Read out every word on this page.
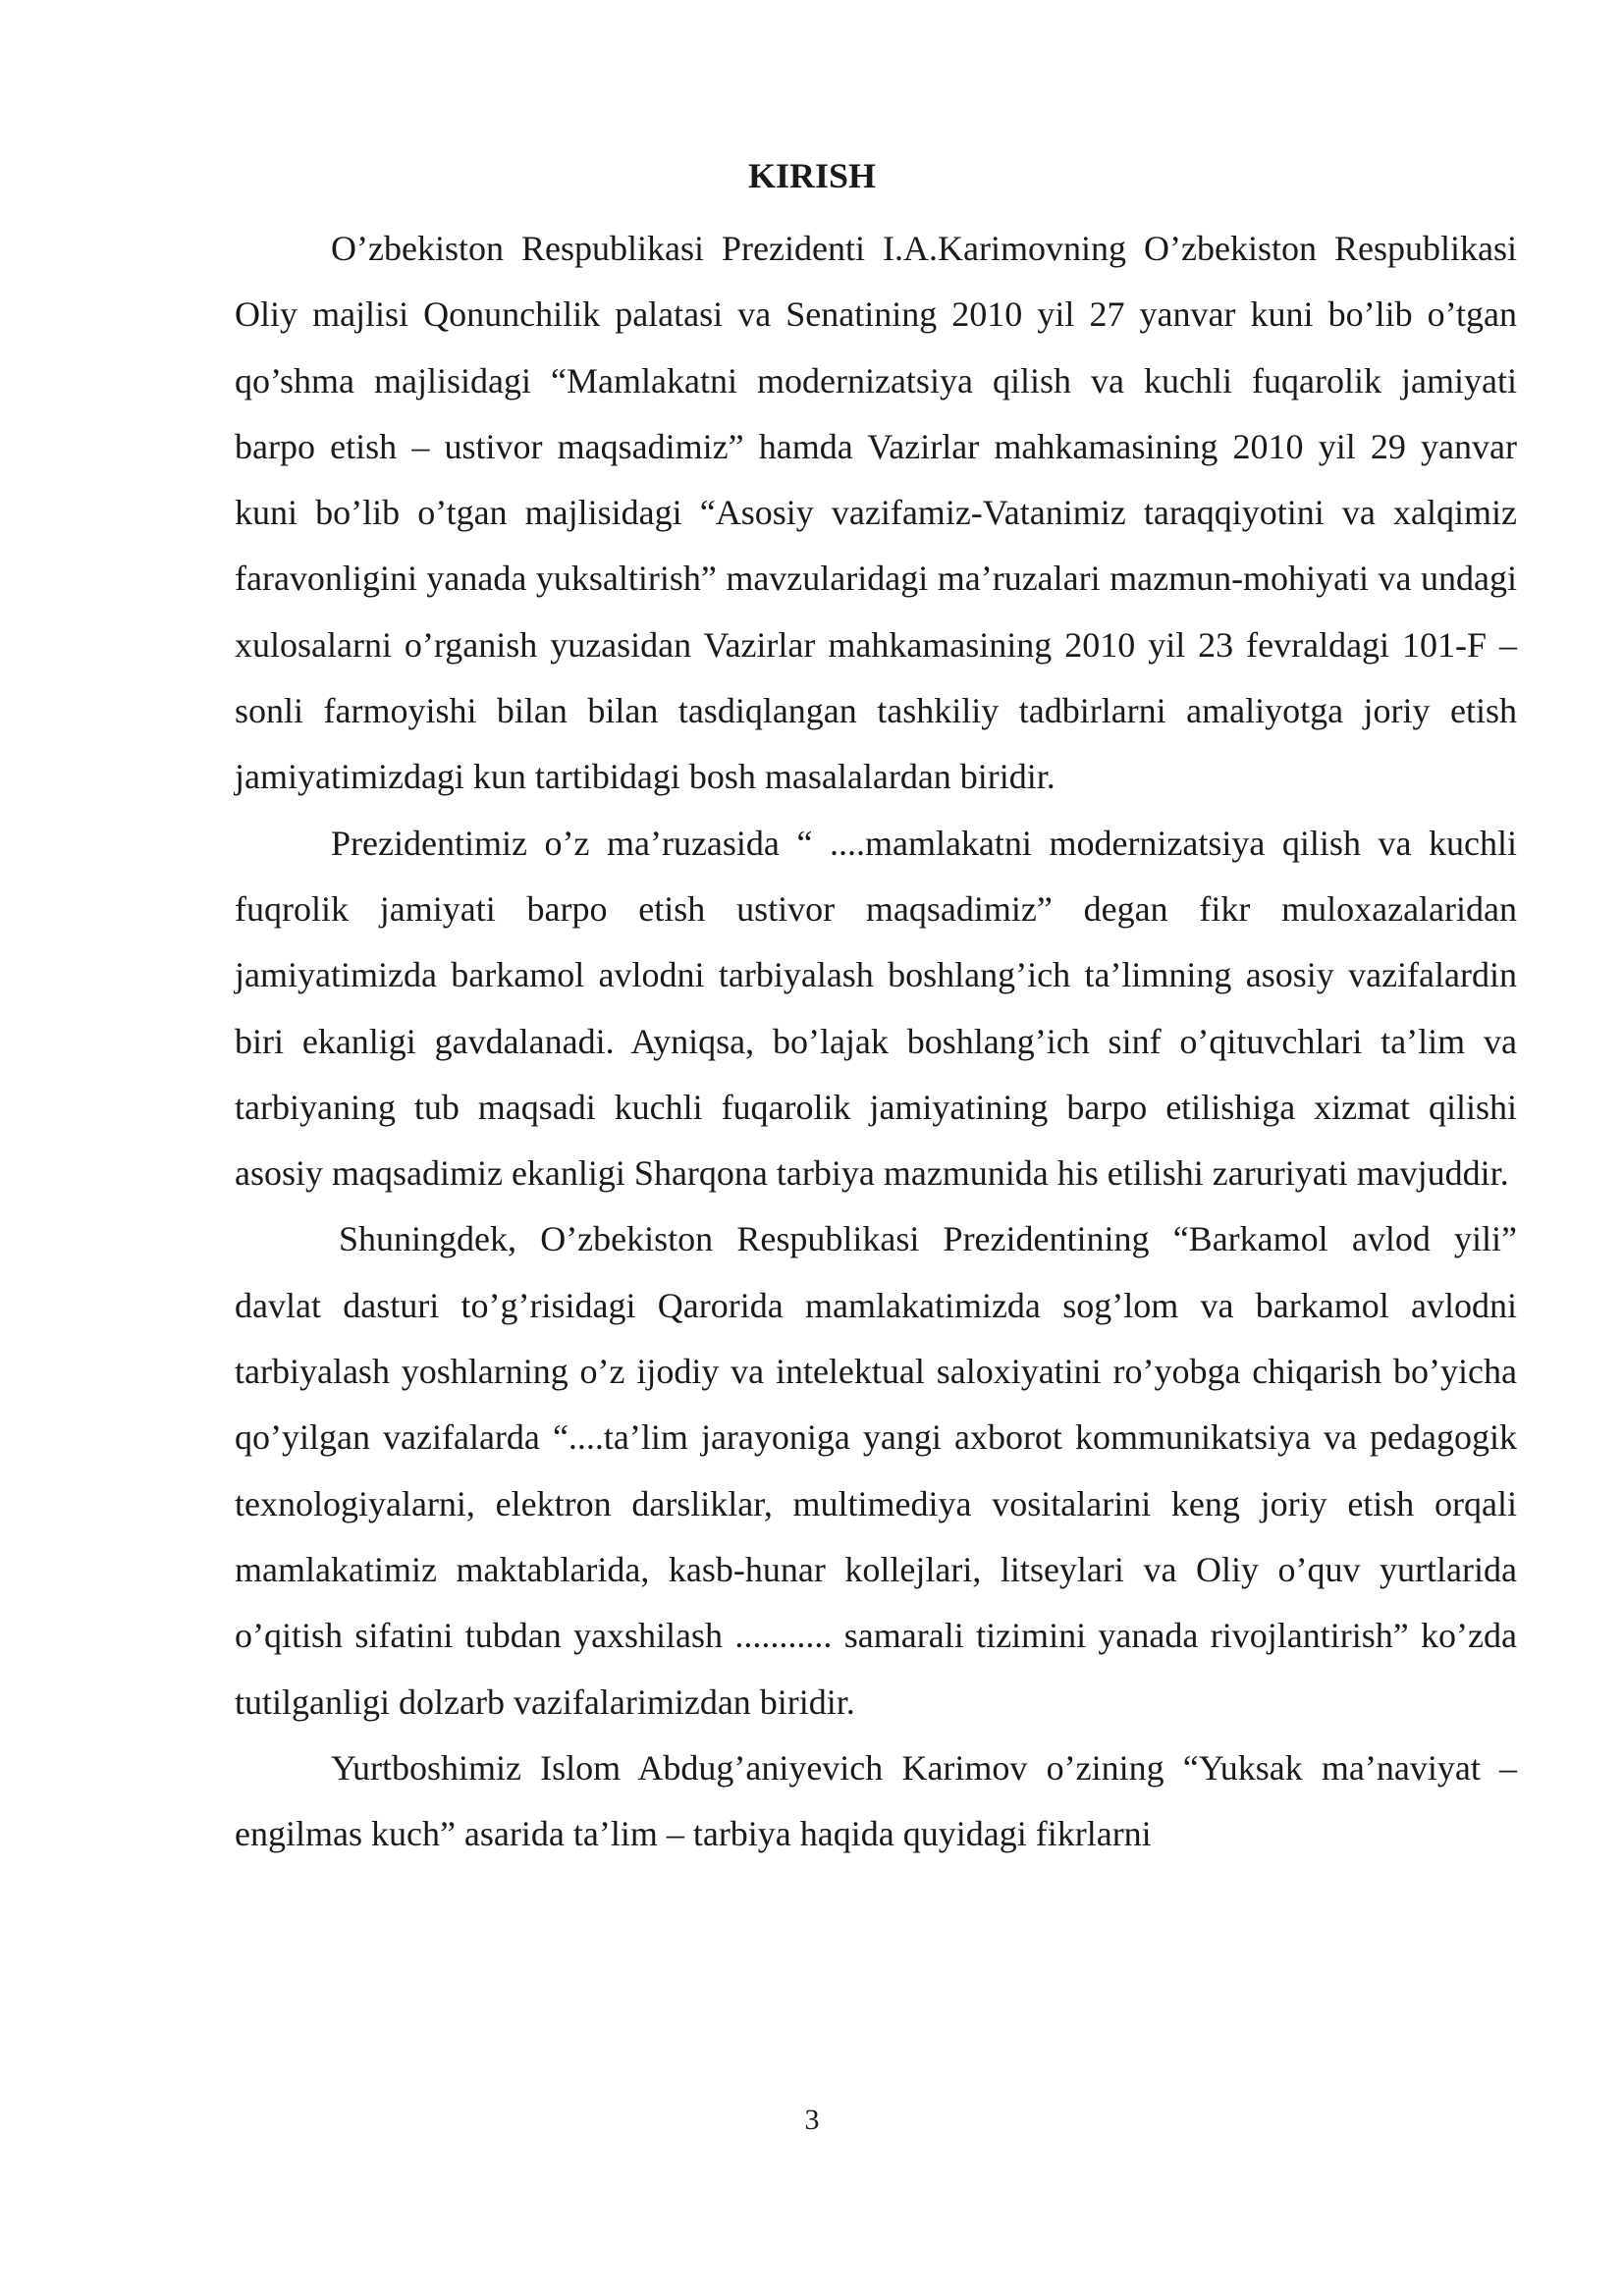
KIRISH

O’zbekiston Respublikasi Prezidenti I.A.Karimovning O’zbekiston Respublikasi Oliy majlisi Qonunchilik palatasi va Senatining 2010 yil 27 yanvar kuni bo’lib o’tgan qo’shma majlisidagi “Mamlakatni modernizatsiya qilish va kuchli fuqarolik jamiyati barpo etish – ustivor maqsadimiz” hamda Vazirlar mahkamasining 2010 yil 29 yanvar kuni bo’lib o’tgan majlisidagi “Asosiy vazifamiz-Vatanimiz taraqqiyotini va xalqimiz faravonligini yanada yuksaltirish” mavzularidagi ma’ruzalari mazmun-mohiyati va undagi xulosalarni o’rganish yuzasidan Vazirlar mahkamasining 2010 yil 23 fevraldagi 101-F –sonli farmoyishi bilan bilan tasdiqlangan tashkiliy tadbirlarni amaliyotga joriy etish jamiyatimizdagi kun tartibidagi bosh masalalardan biridir.

Prezidentimiz o’z ma’ruzasida “ ....mamlakatni modernizatsiya qilish va kuchli fuqrolik jamiyati barpo etish ustivor maqsadimiz” degan fikr muloxazalaridan jamiyatimizda barkamol avlodni tarbiyalash boshlang’ich ta’limning asosiy vazifalardin biri ekanligi gavdalanadi. Ayniqsa, bo’lajak boshlang’ich sinf o’qituvchlari ta’lim va tarbiyaning tub maqsadi kuchli fuqarolik jamiyatining barpo etilishiga xizmat qilishi asosiy maqsadimiz ekanligi Sharqona tarbiya mazmunida his etilishi zaruriyati mavjuddir.

Shuningdek, O’zbekiston Respublikasi Prezidentining “Barkamol avlod yili” davlat dasturi to’g’risidagi Qarorida mamlakatimizda sog’lom va barkamol avlodni tarbiyalash yoshlarning o’z ijodiy va intelektual saloxiyatini ro’yobga chiqarish bo’yicha qo’yilgan vazifalarda “....ta’lim jarayoniga yangi axborot kommunikatsiya va pedagogik texnologiyalarni, elektron darsliklar, multimediya vositalarini keng joriy etish orqali mamlakatimiz maktablarida, kasb-hunar kollejlari, litseylari va Oliy o’quv yurtlarida o’qitish sifatini tubdan yaxshilash ........... samarali tizimini yanada rivojlantirish” ko’zda tutilganligi dolzarb vazifalarimizdan biridir.

Yurtboshimiz Islom Abdug’aniyevich Karimov o’zining “Yuksak ma’naviyat – engilmas kuch” asarida ta’lim – tarbiya haqida quyidagi fikrlarni

3
